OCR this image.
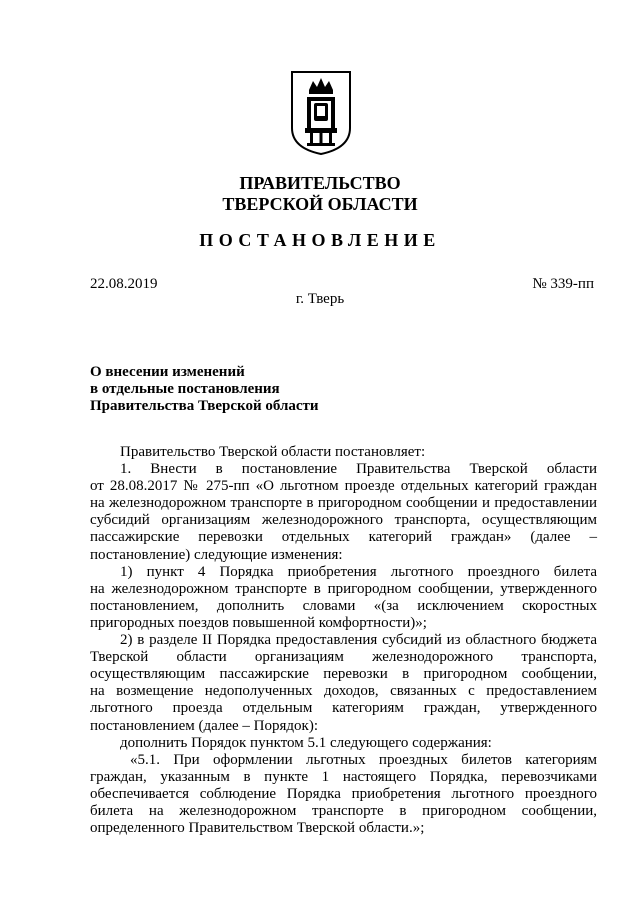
ПРАВИТЕЛЬСТВО
ТВЕРСКОЙ ОБЛАСТИ
ПОСТАНОВЛЕНИЕ
22.08.2019	№ 339-пп
г. Тверь
О внесении изменений
в отдельные постановления
Правительства Тверской области
Правительство Тверской области постановляет:
1. Внести в постановление Правительства Тверской области
от 28.08.2017 № 275-пп «О льготном проезде отдельных категорий граждан
на железнодорожном транспорте в пригородном сообщении и предоставлении
субсидий организациям железнодорожного транспорта, осуществляющим
пассажирские перевозки отдельных категорий граждан» (далее –
постановление) следующие изменения:
1) пункт 4 Порядка приобретения льготного проездного билета
на железнодорожном транспорте в пригородном сообщении, утвержденного
постановлением, дополнить словами «(за исключением скоростных
пригородных поездов повышенной комфортности)»;
2) в разделе II Порядка предоставления субсидий из областного бюджета
Тверской области организациям железнодорожного транспорта,
осуществляющим пассажирские перевозки в пригородном сообщении,
на возмещение недополученных доходов, связанных с предоставлением
льготного проезда отдельным категориям граждан, утвержденного
постановлением (далее – Порядок):
дополнить Порядок пунктом 5.1 следующего содержания:
«5.1. При оформлении льготных проездных билетов категориям
граждан, указанным в пункте 1 настоящего Порядка, перевозчиками
обеспечивается соблюдение Порядка приобретения льготного проездного
билета на железнодорожном транспорте в пригородном сообщении,
определенного Правительством Тверской области.»;
